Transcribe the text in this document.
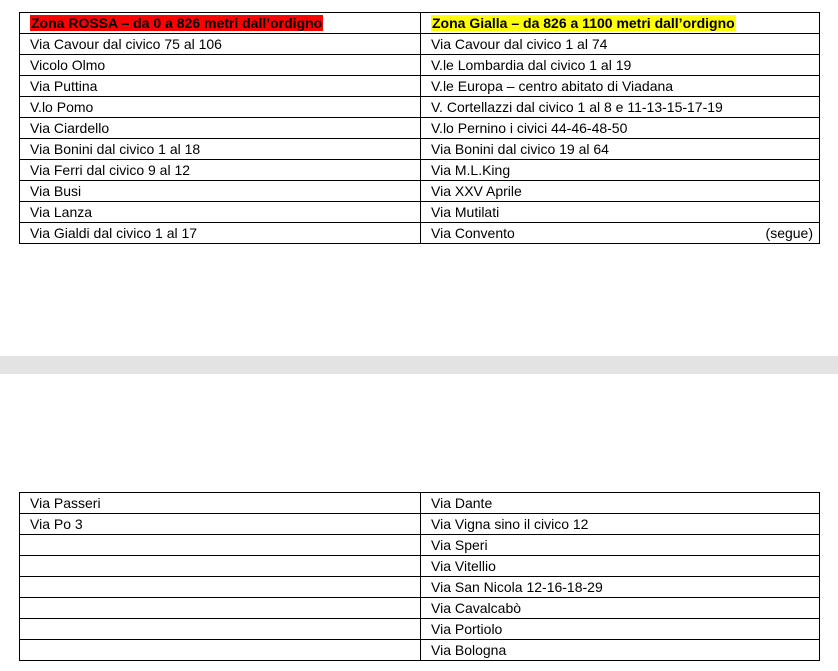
Zona ROSSA – da 0 a 826 metri dall’ordigno	Zona Gialla – da 826 a 1100 metri dall’ordigno
Via Cavour dal civico 75 al 106	Via Cavour dal civico 1 al 74
Vicolo Olmo	V.le Lombardia dal civico 1 al 19
Via Puttina	V.le Europa – centro abitato di Viadana
V.lo Pomo	V. Cortellazzi dal civico 1 al 8 e 11-13-15-17-19
Via Ciardello	V.lo Pernino i civici 44-46-48-50
Via Bonini dal civico 1 al 18	Via Bonini dal civico 19 al 64
Via Ferri dal civico 9 al 12	Via M.L.King
Via Busi	Via XXV Aprile
Via Lanza	Via Mutilati
Via Gialdi dal civico 1 al 17	Via Convento (segue)
Via Passeri	Via Dante
Via Po 3	Via Vigna sino il civico 12
	Via Speri
	Via Vitellio
	Via San Nicola 12-16-18-29
	Via Cavalcabò
	Via Portiolo
	Via Bologna
